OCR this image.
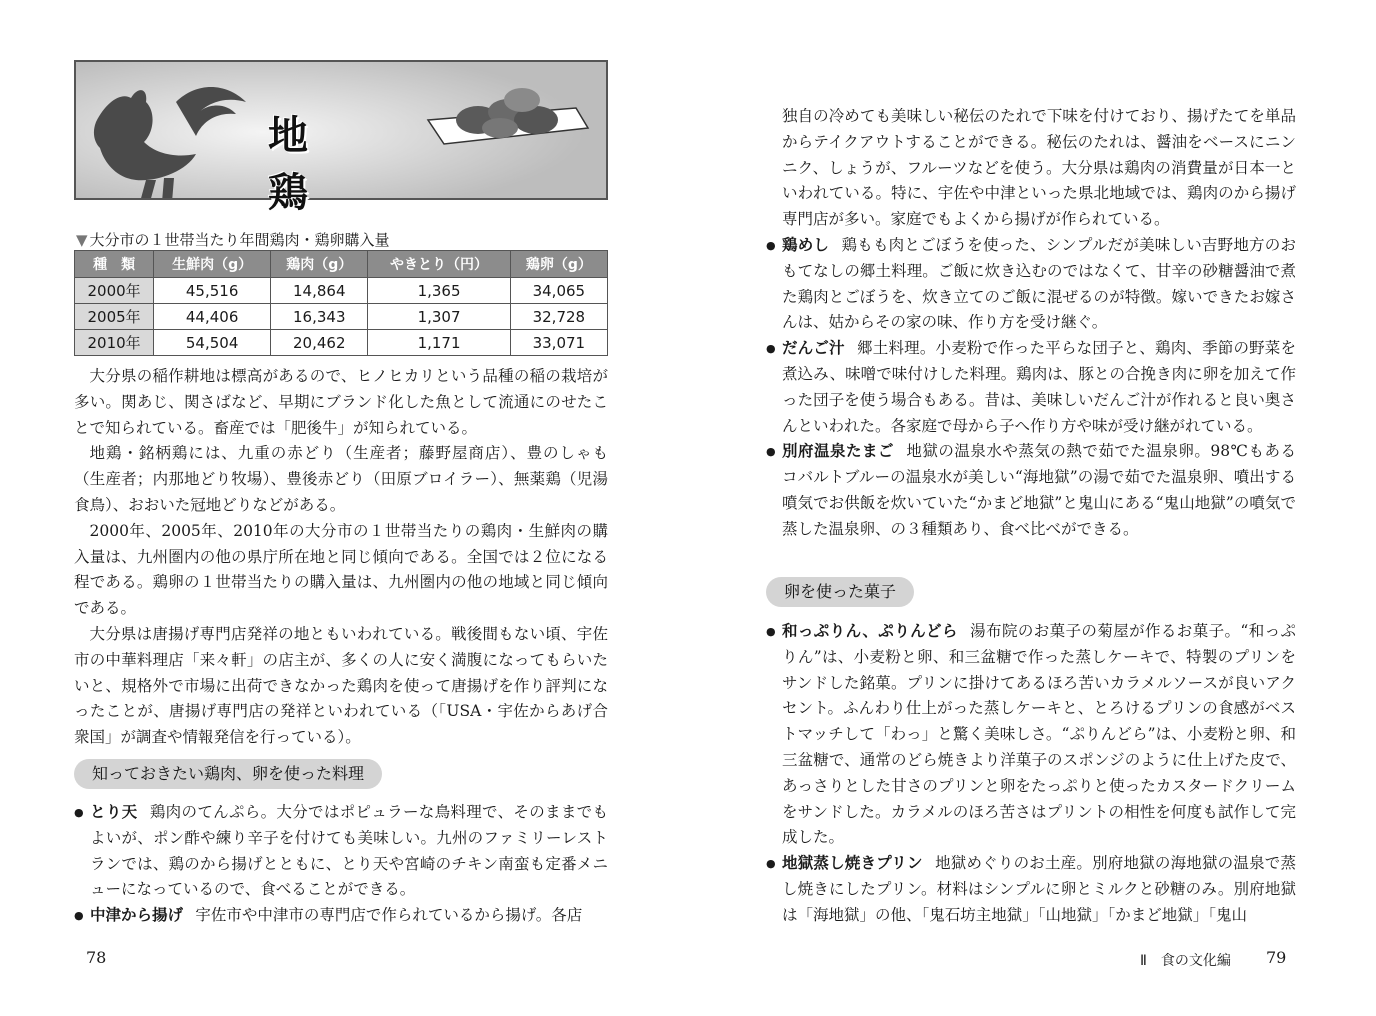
地鶏
▼ 大分市の１世帯当たり年間鶏肉・鶏卵購入量
種　類	生鮮肉（g）	鶏肉（g）	やきとり（円）	鶏卵（g）
2000年	45,516	14,864	1,365	34,065
2005年	44,406	16,343	1,307	32,728
2010年	54,504	20,462	1,171	33,071

大分県の稲作耕地は標高があるので、ヒノヒカリという品種の稲の栽培が多い。関あじ、関さばなど、早期にブランド化した魚として流通にのせたことで知られている。畜産では「肥後牛」が知られている。

地鶏・銘柄鶏には、九重の赤どり（生産者；藤野屋商店）、豊のしゃも（生産者；内那地どり牧場）、豊後赤どり（田原ブロイラー）、無薬鶏（児湯食鳥）、おおいた冠地どりなどがある。

2000年、2005年、2010年の大分市の１世帯当たりの鶏肉・生鮮肉の購入量は、九州圏内の他の県庁所在地と同じ傾向である。全国では２位になる程である。鶏卵の１世帯当たりの購入量は、九州圏内の他の地域と同じ傾向である。

大分県は唐揚げ専門店発祥の地ともいわれている。戦後間もない頃、宇佐市の中華料理店「来々軒」の店主が、多くの人に安く満腹になってもらいたいと、規格外で市場に出荷できなかった鶏肉を使って唐揚げを作り評判になったことが、唐揚げ専門店の発祥といわれている（「USA・宇佐からあげ合衆国」が調査や情報発信を行っている）。

知っておきたい鶏肉、卵を使った料理
● とり天 鶏肉のてんぷら。大分ではポピュラーな鳥料理で、そのままでもよいが、ポン酢や練り辛子を付けても美味しい。九州のファミリーレストランでは、鶏のから揚げとともに、とり天や宮崎のチキン南蛮も定番メニューになっているので、食べることができる。
● 中津から揚げ 宇佐市や中津市の専門店で作られているから揚げ。各店
78
独自の冷めても美味しい秘伝のたれで下味を付けており、揚げたてを単品からテイクアウトすることができる。秘伝のたれは、醤油をベースにニンニク、しょうが、フルーツなどを使う。大分県は鶏肉の消費量が日本一といわれている。特に、宇佐や中津といった県北地域では、鶏肉のから揚げ専門店が多い。家庭でもよくから揚げが作られている。
● 鶏めし 鶏もも肉とごぼうを使った、シンプルだが美味しい吉野地方のおもてなしの郷土料理。ご飯に炊き込むのではなくて、甘辛の砂糖醤油で煮た鶏肉とごぼうを、炊き立てのご飯に混ぜるのが特徴。嫁いできたお嫁さんは、姑からその家の味、作り方を受け継ぐ。
● だんご汁 郷土料理。小麦粉で作った平らな団子と、鶏肉、季節の野菜を煮込み、味噌で味付けした料理。鶏肉は、豚との合挽き肉に卵を加えて作った団子を使う場合もある。昔は、美味しいだんご汁が作れると良い奥さんといわれた。各家庭で母から子へ作り方や味が受け継がれている。
● 別府温泉たまご 地獄の温泉水や蒸気の熱で茹でた温泉卵。98℃もあるコバルトブルーの温泉水が美しい“海地獄”の湯で茹でた温泉卵、噴出する噴気でお供飯を炊いていた“かまど地獄”と鬼山にある“鬼山地獄”の噴気で蒸した温泉卵、の３種類あり、食べ比べができる。
卵を使った菓子
● 和っぷりん、ぷりんどら 湯布院のお菓子の菊屋が作るお菓子。“和っぷりん”は、小麦粉と卵、和三盆糖で作った蒸しケーキで、特製のプリンをサンドした銘菓。プリンに掛けてあるほろ苦いカラメルソースが良いアクセント。ふんわり仕上がった蒸しケーキと、とろけるプリンの食感がベストマッチして「わっ」と驚く美味しさ。“ぷりんどら”は、小麦粉と卵、和三盆糖で、通常のどら焼きより洋菓子のスポンジのように仕上げた皮で、あっさりとした甘さのプリンと卵をたっぷりと使ったカスタードクリームをサンドした。カラメルのほろ苦さはプリントの相性を何度も試作して完成した。
● 地獄蒸し焼きプリン 地獄めぐりのお土産。別府地獄の海地獄の温泉で蒸し焼きにしたプリン。材料はシンプルに卵とミルクと砂糖のみ。別府地獄は「海地獄」の他、「鬼石坊主地獄」「山地獄」「かまど地獄」「鬼山
Ⅱ　食の文化編 79
